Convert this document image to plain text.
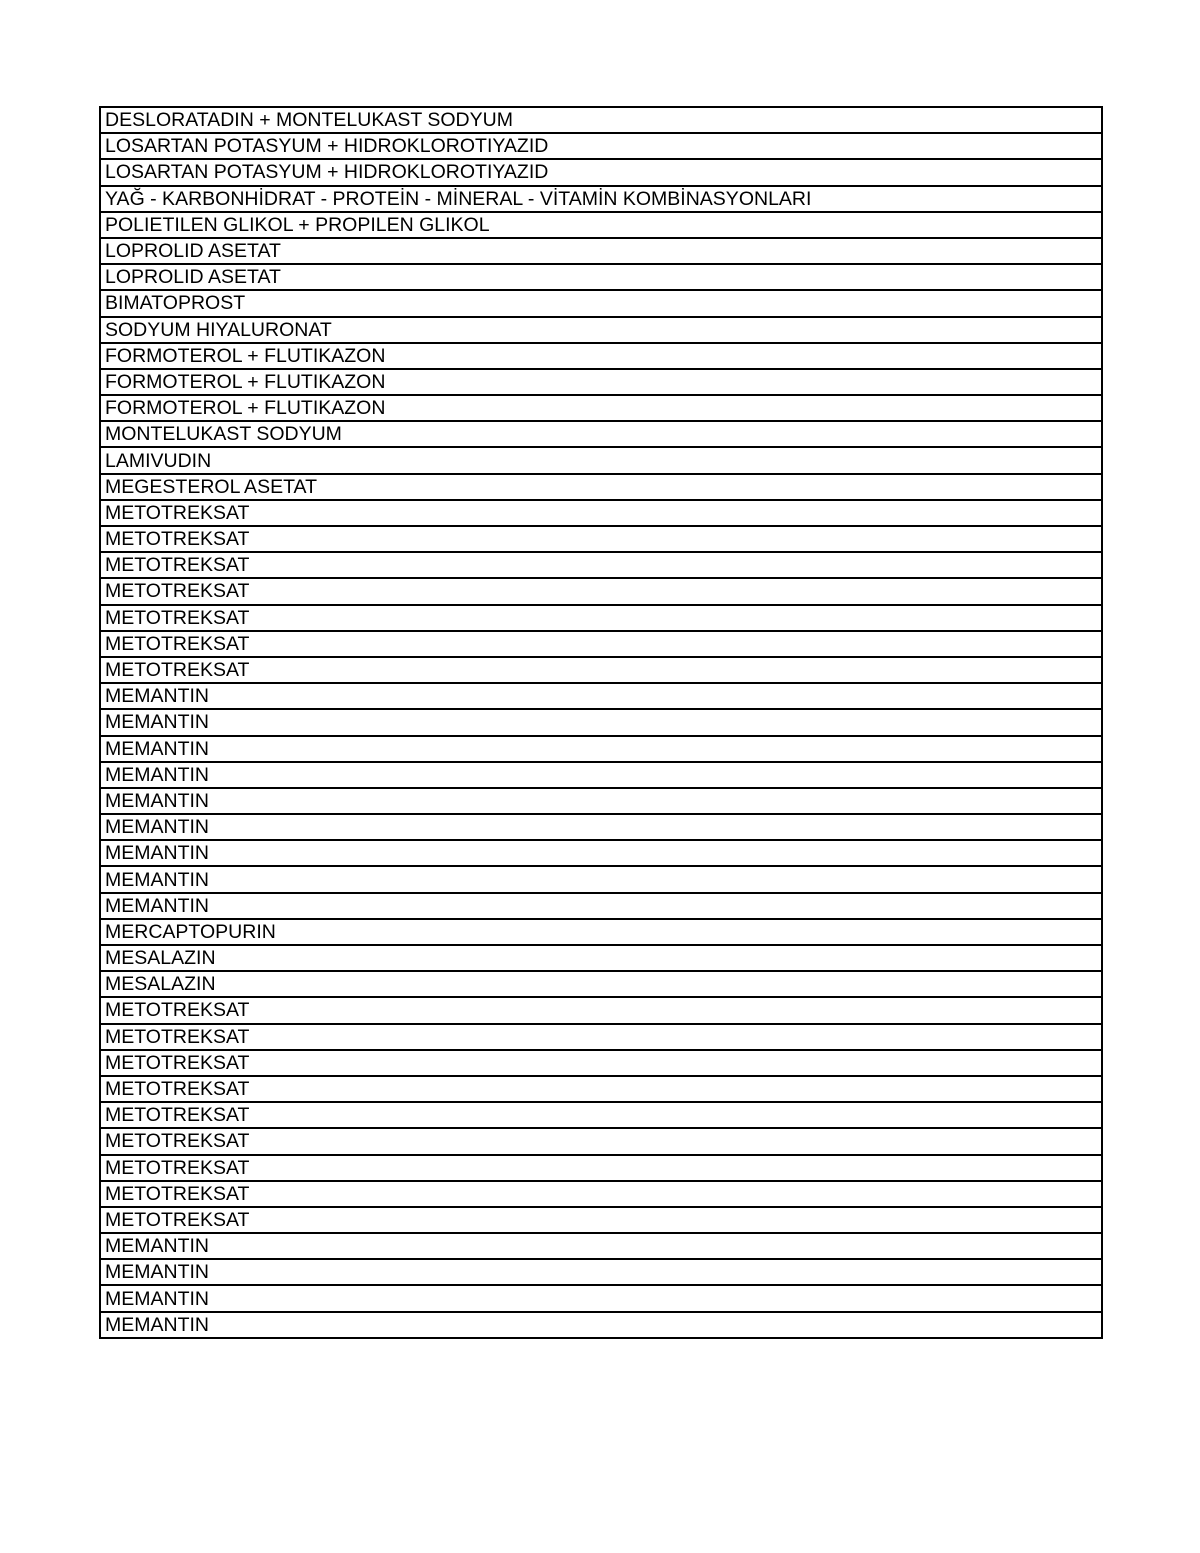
DESLORATADIN + MONTELUKAST SODYUM
LOSARTAN POTASYUM + HIDROKLOROTIYAZID
LOSARTAN POTASYUM + HIDROKLOROTIYAZID
YAĞ - KARBONHİDRAT - PROTEİN - MİNERAL - VİTAMİN KOMBİNASYONLARI
POLIETILEN GLIKOL + PROPILEN GLIKOL
LOPROLID ASETAT
LOPROLID ASETAT
BIMATOPROST
SODYUM HIYALURONAT
FORMOTEROL + FLUTIKAZON
FORMOTEROL + FLUTIKAZON
FORMOTEROL + FLUTIKAZON
MONTELUKAST SODYUM
LAMIVUDIN
MEGESTEROL ASETAT
METOTREKSAT
METOTREKSAT
METOTREKSAT
METOTREKSAT
METOTREKSAT
METOTREKSAT
METOTREKSAT
MEMANTIN
MEMANTIN
MEMANTIN
MEMANTIN
MEMANTIN
MEMANTIN
MEMANTIN
MEMANTIN
MEMANTIN
MERCAPTOPURIN
MESALAZIN
MESALAZIN
METOTREKSAT
METOTREKSAT
METOTREKSAT
METOTREKSAT
METOTREKSAT
METOTREKSAT
METOTREKSAT
METOTREKSAT
METOTREKSAT
MEMANTIN
MEMANTIN
MEMANTIN
MEMANTIN
